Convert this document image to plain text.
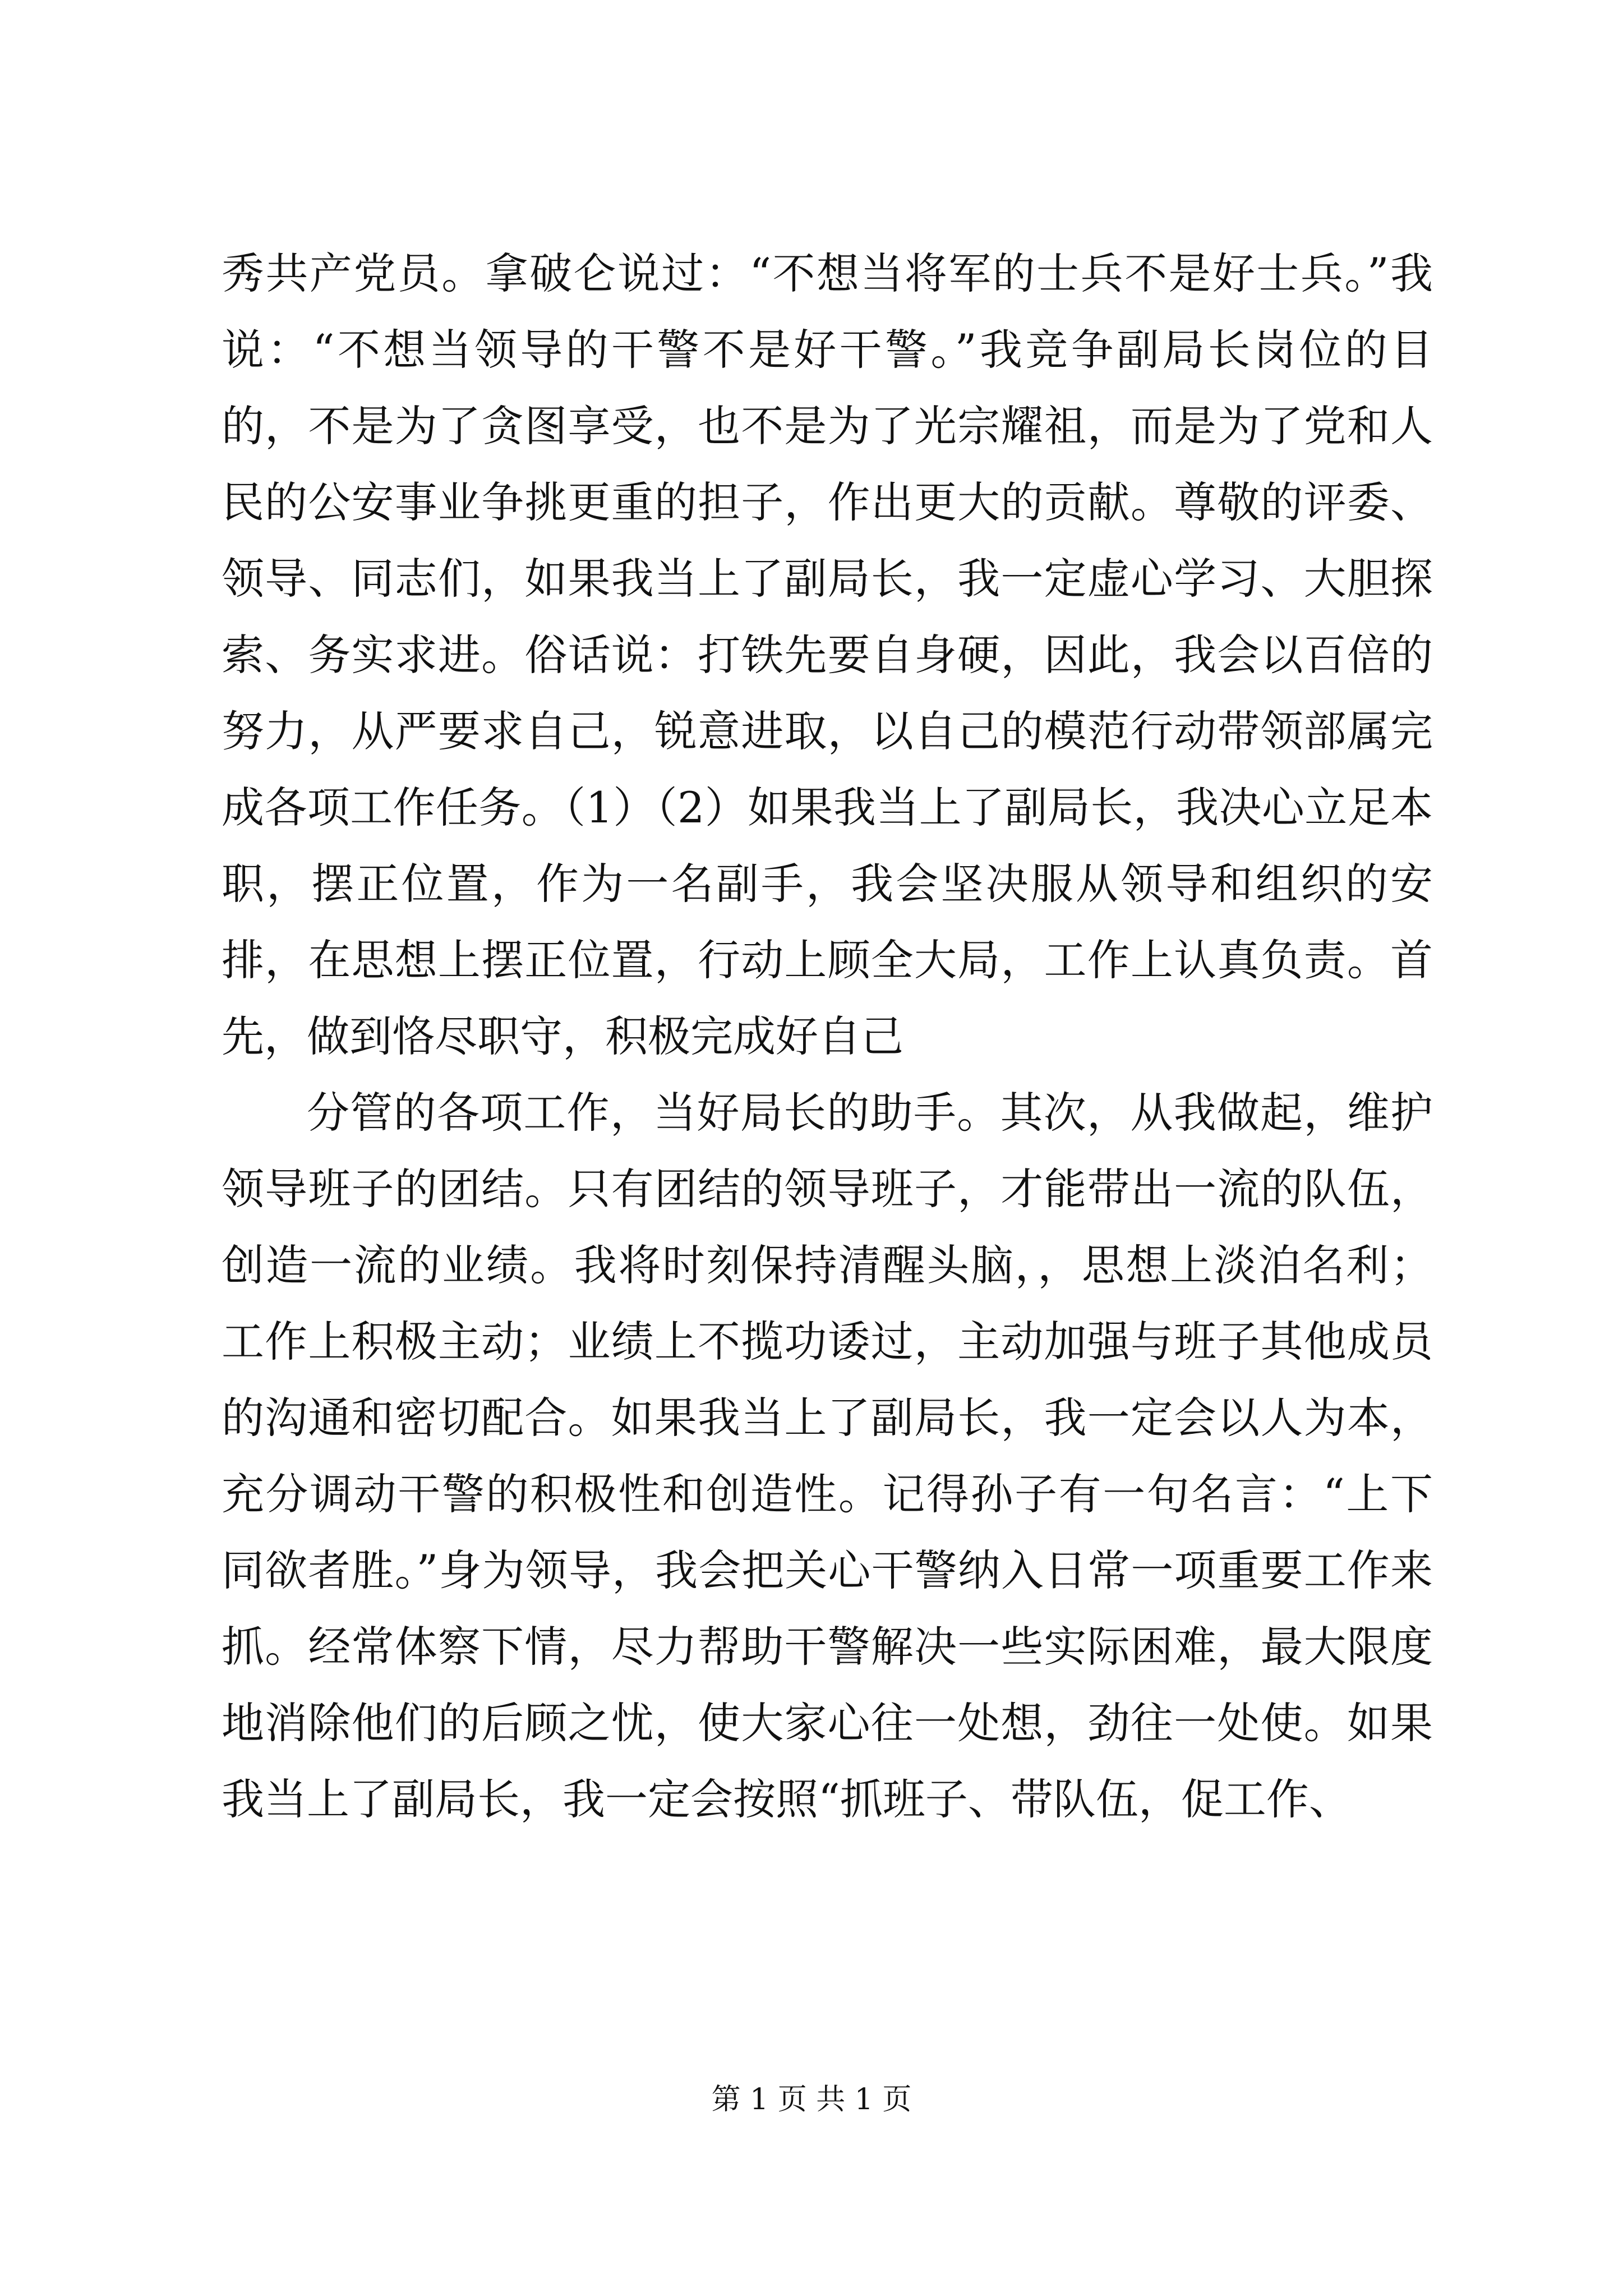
秀共产党员。拿破仑说过：“不想当将军的士兵不是好士兵。”我说：“不想当领导的干警不是好干警。”我竞争副局长岗位的目的，不是为了贪图享受，也不是为了光宗耀祖，而是为了党和人民的公安事业争挑更重的担子，作出更大的贡献。尊敬的评委、领导、同志们，如果我当上了副局长，我一定虚心学习、大胆探索、务实求进。俗话说：打铁先要自身硬，因此，我会以百倍的努力，从严要求自己，锐意进取，以自己的模范行动带领部属完成各项工作任务。（1）（2）如果我当上了副局长，我决心立足本职，摆正位置，作为一名副手，我会坚决服从领导和组织的安排，在思想上摆正位置，行动上顾全大局，工作上认真负责。首先，做到恪尽职守，积极完成好自己

分管的各项工作，当好局长的助手。其次，从我做起，维护领导班子的团结。只有团结的领导班子，才能带出一流的队伍，创造一流的业绩。我将时刻保持清醒头脑，，思想上淡泊名利；工作上积极主动；业绩上不揽功诿过，主动加强与班子其他成员的沟通和密切配合。如果我当上了副局长，我一定会以人为本，充分调动干警的积极性和创造性。记得孙子有一句名言：“上下同欲者胜。”身为领导，我会把关心干警纳入日常一项重要工作来抓。经常体察下情，尽力帮助干警解决一些实际困难，最大限度地消除他们的后顾之忧，使大家心往一处想，劲往一处使。如果我当上了副局长，我一定会按照“抓班子、带队伍，促工作、

第 1 页 共 1 页
